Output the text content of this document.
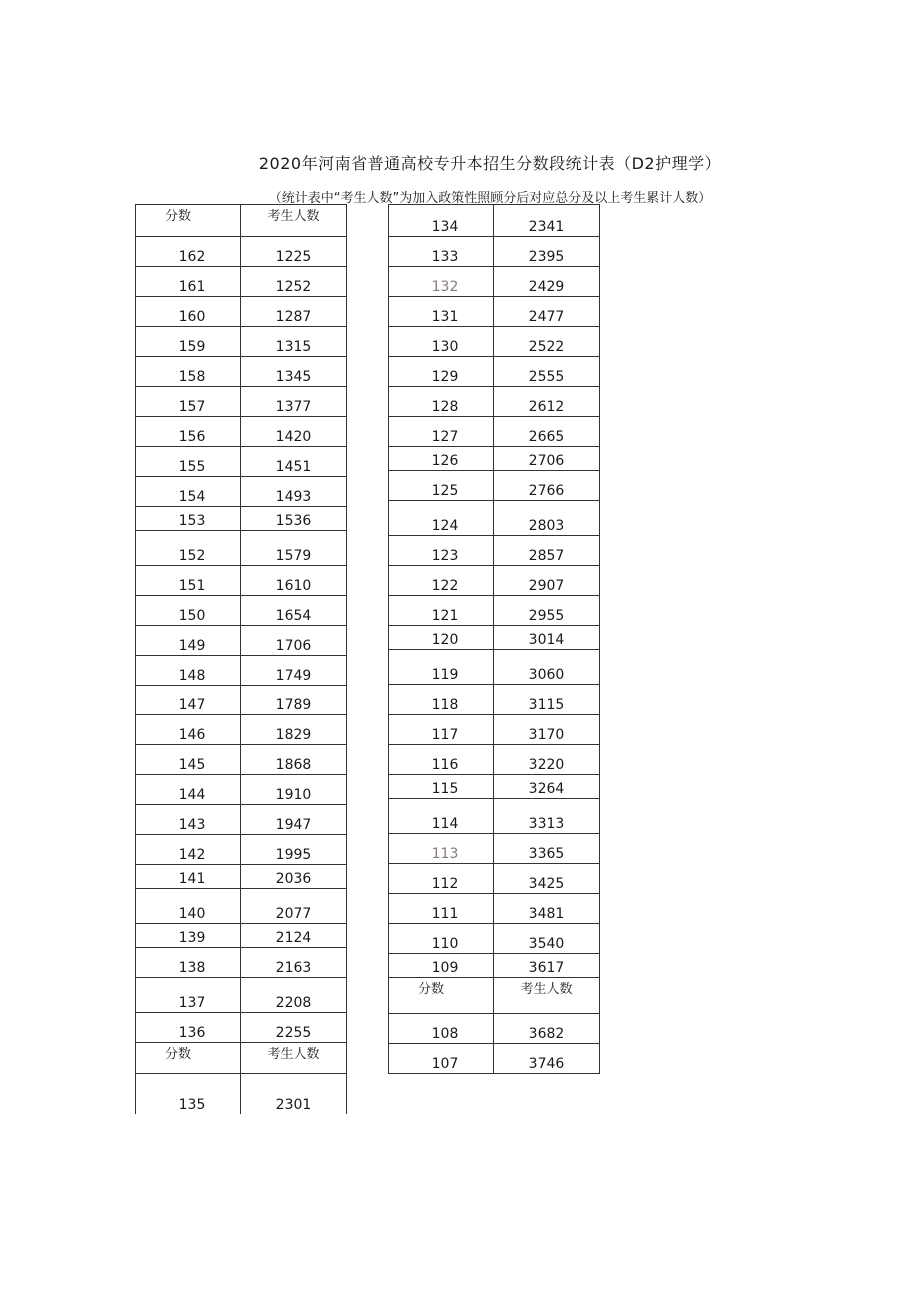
2020年河南省普通高校专升本招生分数段统计表（D2护理学）
（统计表中“考生人数”为加入政策性照顾分后对应总分及以上考生累计人数）
分数	考生人数
162	1225
161	1252
160	1287
159	1315
158	1345
157	1377
156	1420
155	1451
154	1493
153	1536
152	1579
151	1610
150	1654
149	1706
148	1749
147	1789
146	1829
145	1868
144	1910
143	1947
142	1995
141	2036
140	2077
139	2124
138	2163
137	2208
136	2255
分数	考生人数
135	2301
134	2341
133	2395
132	2429
131	2477
130	2522
129	2555
128	2612
127	2665
126	2706
125	2766
124	2803
123	2857
122	2907
121	2955
120	3014
119	3060
118	3115
117	3170
116	3220
115	3264
114	3313
113	3365
112	3425
111	3481
110	3540
109	3617
分数	考生人数
108	3682
107	3746
